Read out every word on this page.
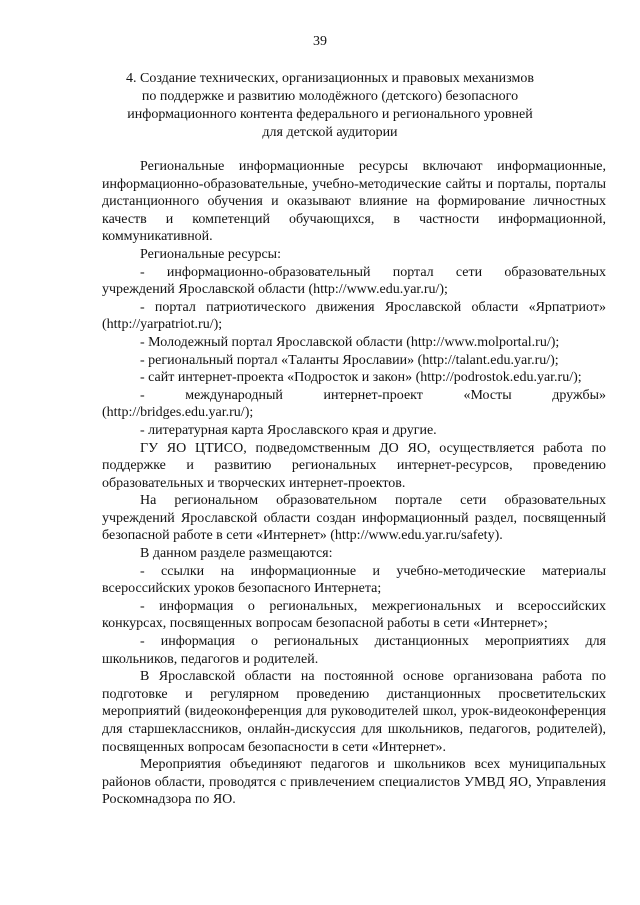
39
4. Создание технических, организационных и правовых механизмов
по поддержке и развитию молодёжного (детского) безопасного
информационного контента федерального и регионального уровней
для детской аудитории

Региональные информационные ресурсы включают информационные, информационно-образовательные, учебно-методические сайты и порталы, порталы дистанционного обучения и оказывают влияние на формирование личностных качеств и компетенций обучающихся, в частности информационной, коммуникативной.

Региональные ресурсы:

- информационно-образовательный портал сети образовательных учреждений Ярославской области (http://www.edu.yar.ru/);

- портал патриотического движения Ярославской области «Ярпатриот» (http://yarpatriot.ru/);

- Молодежный портал Ярославской области (http://www.molportal.ru/);

- региональный портал «Таланты Ярославии» (http://talant.edu.yar.ru/);

- сайт интернет-проекта «Подросток и закон» (http://podrostok.edu.yar.ru/);

- международный интернет-проект «Мосты дружбы» (http://bridges.edu.yar.ru/);

- литературная карта Ярославского края и другие.

ГУ ЯО ЦТИСО, подведомственным ДО ЯО, осуществляется работа по поддержке и развитию региональных интернет-ресурсов, проведению образовательных и творческих интернет-проектов.

На региональном образовательном портале сети образовательных учреждений Ярославской области создан информационный раздел, посвященный безопасной работе в сети «Интернет» (http://www.edu.yar.ru/safety).

В данном разделе размещаются:

- ссылки на информационные и учебно-методические материалы всероссийских уроков безопасного Интернета;

- информация о региональных, межрегиональных и всероссийских конкурсах, посвященных вопросам безопасной работы в сети «Интернет»;

- информация о региональных дистанционных мероприятиях для школьников, педагогов и родителей.

В Ярославской области на постоянной основе организована работа по подготовке и регулярном проведению дистанционных просветительских мероприятий (видеоконференция для руководителей школ, урок-видеоконференция для старшеклассников, онлайн-дискуссия для школьников, педагогов, родителей), посвященных вопросам безопасности в сети «Интернет».

Мероприятия объединяют педагогов и школьников всех муниципальных районов области, проводятся с привлечением специалистов УМВД ЯО, Управления Роскомнадзора по ЯО.
